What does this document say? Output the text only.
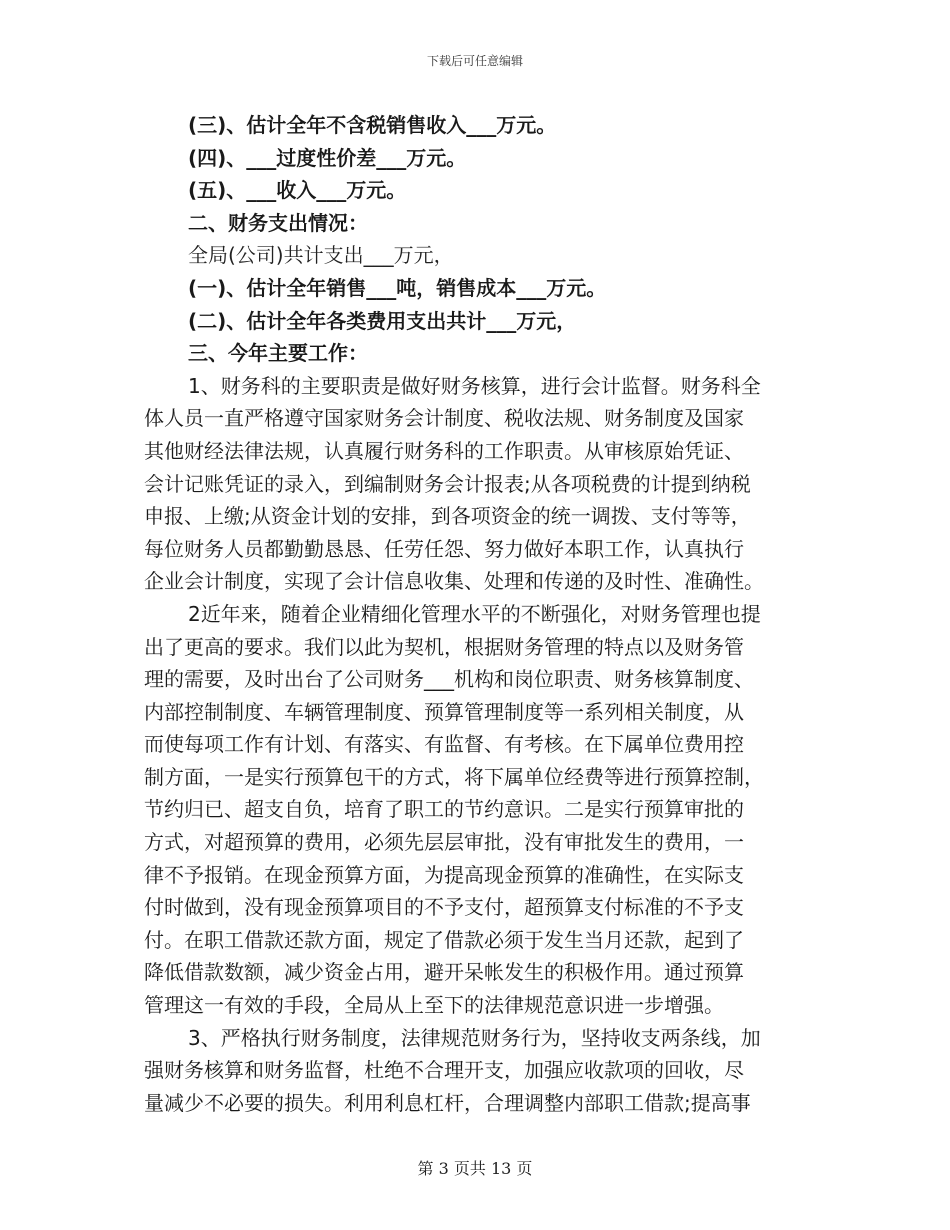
下载后可任意编辑
(三)、估计全年不含税销售收入___万元。
(四)、___过度性价差___万元。
(五)、___收入___万元。
二、财务支出情况：
全局(公司)共计支出___万元，
(一)、估计全年销售___吨，销售成本___万元。
(二)、估计全年各类费用支出共计___万元，
三、今年主要工作：
1、财务科的主要职责是做好财务核算，进行会计监督。财务科全
体人员一直严格遵守国家财务会计制度、税收法规、财务制度及国家
其他财经法律法规，认真履行财务科的工作职责。从审核原始凭证、
会计记账凭证的录入，到编制财务会计报表;从各项税费的计提到纳税
申报、上缴;从资金计划的安排，到各项资金的统一调拨、支付等等，
每位财务人员都勤勤恳恳、任劳任怨、努力做好本职工作，认真执行
企业会计制度，实现了会计信息收集、处理和传递的及时性、准确性。
2近年来，随着企业精细化管理水平的不断强化，对财务管理也提
出了更高的要求。我们以此为契机，根据财务管理的特点以及财务管
理的需要，及时出台了公司财务___机构和岗位职责、财务核算制度、
内部控制制度、车辆管理制度、预算管理制度等一系列相关制度，从
而使每项工作有计划、有落实、有监督、有考核。在下属单位费用控
制方面，一是实行预算包干的方式，将下属单位经费等进行预算控制，
节约归已、超支自负，培育了职工的节约意识。二是实行预算审批的
方式，对超预算的费用，必须先层层审批，没有审批发生的费用，一
律不予报销。在现金预算方面，为提高现金预算的准确性，在实际支
付时做到，没有现金预算项目的不予支付，超预算支付标准的不予支
付。在职工借款还款方面，规定了借款必须于发生当月还款，起到了
降低借款数额，减少资金占用，避开呆帐发生的积极作用。通过预算
管理这一有效的手段，全局从上至下的法律规范意识进一步增强。
3、严格执行财务制度，法律规范财务行为，坚持收支两条线，加
强财务核算和财务监督，杜绝不合理开支，加强应收款项的回收，尽
量减少不必要的损失。利用利息杠杆，合理调整内部职工借款;提高事
第 3 页共 13 页
